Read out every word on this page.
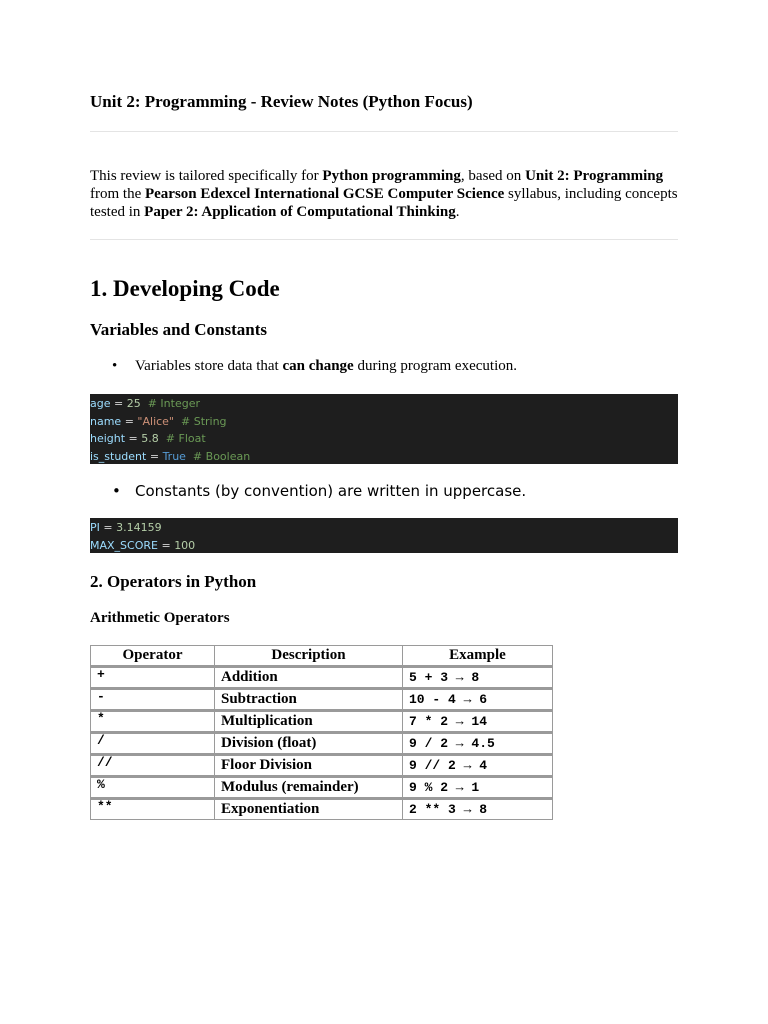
Unit 2: Programming - Review Notes (Python Focus)

This review is tailored specifically for Python programming, based on Unit 2: Programming from the Pearson Edexcel International GCSE Computer Science syllabus, including concepts tested in Paper 2: Application of Computational Thinking.

1. Developing Code
Variables and Constants
• Variables store data that can change during program execution.
age = 25  # Integer
name = "Alice"  # String
height = 5.8  # Float
is_student = True  # Boolean
• Constants (by convention) are written in uppercase.
PI = 3.14159
MAX_SCORE = 100
2. Operators in Python
Arithmetic Operators
Operator	Description	Example
+	Addition	5 + 3 → 8
-	Subtraction	10 - 4 → 6
*	Multiplication	7 * 2 → 14
/	Division (float)	9 / 2 → 4.5
//	Floor Division	9 // 2 → 4
%	Modulus (remainder)	9 % 2 → 1
**	Exponentiation	2 ** 3 → 8
